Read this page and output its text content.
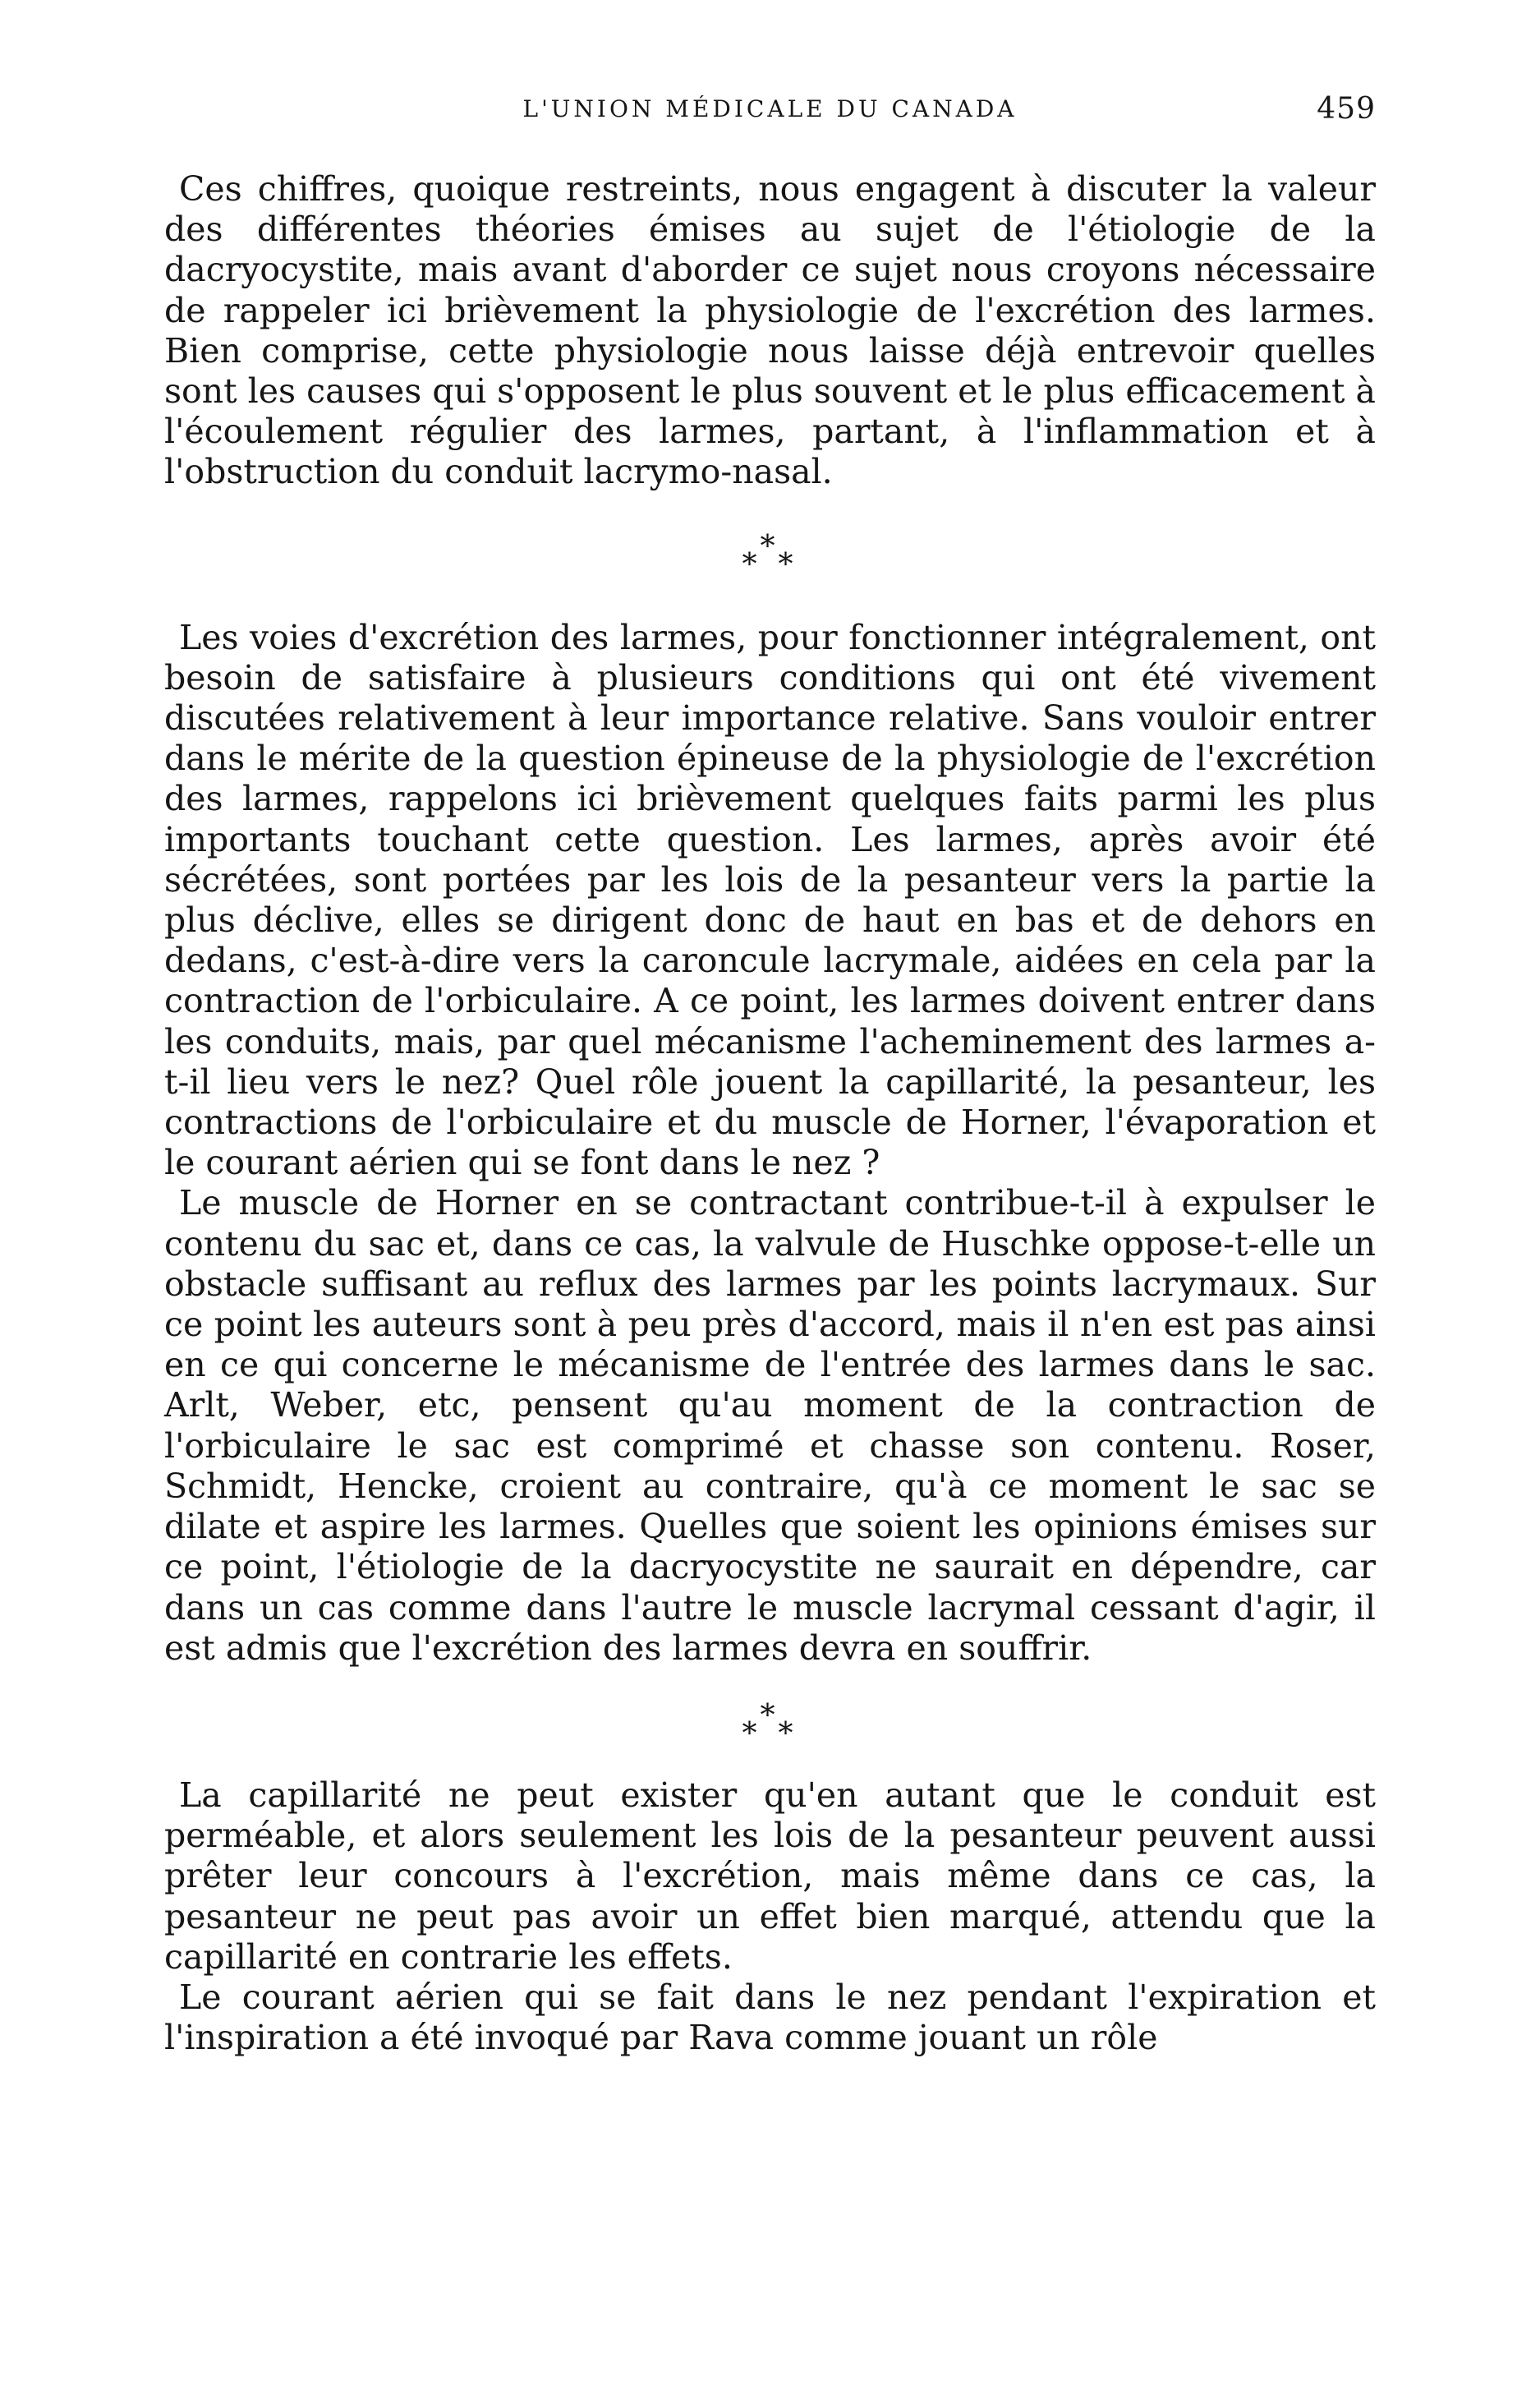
L'UNION MÉDICALE DU CANADA	459

Ces chiffres, quoique restreints, nous engagent à discuter la valeur des différentes théories émises au sujet de l'étiologie de la dacryocystite, mais avant d'aborder ce sujet nous croyons nécessaire de rappeler ici brièvement la physiologie de l'excrétion des larmes. Bien comprise, cette physiologie nous laisse déjà entrevoir quelles sont les causes qui s'opposent le plus souvent et le plus efficacement à l'écoulement régulier des larmes, partant, à l'inflammation et à l'obstruction du conduit lacrymo-nasal.

*
* *

Les voies d'excrétion des larmes, pour fonctionner intégralement, ont besoin de satisfaire à plusieurs conditions qui ont été vivement discutées relativement à leur importance relative. Sans vouloir entrer dans le mérite de la question épineuse de la physiologie de l'excrétion des larmes, rappelons ici brièvement quelques faits parmi les plus importants touchant cette question. Les larmes, après avoir été sécrétées, sont portées par les lois de la pesanteur vers la partie la plus déclive, elles se dirigent donc de haut en bas et de dehors en dedans, c'est-à-dire vers la caroncule lacrymale, aidées en cela par la contraction de l'orbiculaire. A ce point, les larmes doivent entrer dans les conduits, mais, par quel mécanisme l'acheminement des larmes a-t-il lieu vers le nez? Quel rôle jouent la capillarité, la pesanteur, les contractions de l'orbiculaire et du muscle de Horner, l'évaporation et le courant aérien qui se font dans le nez ?

Le muscle de Horner en se contractant contribue-t-il à expulser le contenu du sac et, dans ce cas, la valvule de Huschke oppose-t-elle un obstacle suffisant au reflux des larmes par les points lacrymaux. Sur ce point les auteurs sont à peu près d'accord, mais il n'en est pas ainsi en ce qui concerne le mécanisme de l'entrée des larmes dans le sac. Arlt, Weber, etc, pensent qu'au moment de la contraction de l'orbiculaire le sac est comprimé et chasse son contenu. Roser, Schmidt, Hencke, croient au contraire, qu'à ce moment le sac se dilate et aspire les larmes. Quelles que soient les opinions émises sur ce point, l'étiologie de la dacryocystite ne saurait en dépendre, car dans un cas comme dans l'autre le muscle lacrymal cessant d'agir, il est admis que l'excrétion des larmes devra en souffrir.

*
* *

La capillarité ne peut exister qu'en autant que le conduit est perméable, et alors seulement les lois de la pesanteur peuvent aussi prêter leur concours à l'excrétion, mais même dans ce cas, la pesanteur ne peut pas avoir un effet bien marqué, attendu que la capillarité en contrarie les effets.

Le courant aérien qui se fait dans le nez pendant l'expiration et l'inspiration a été invoqué par Rava comme jouant un rôle
